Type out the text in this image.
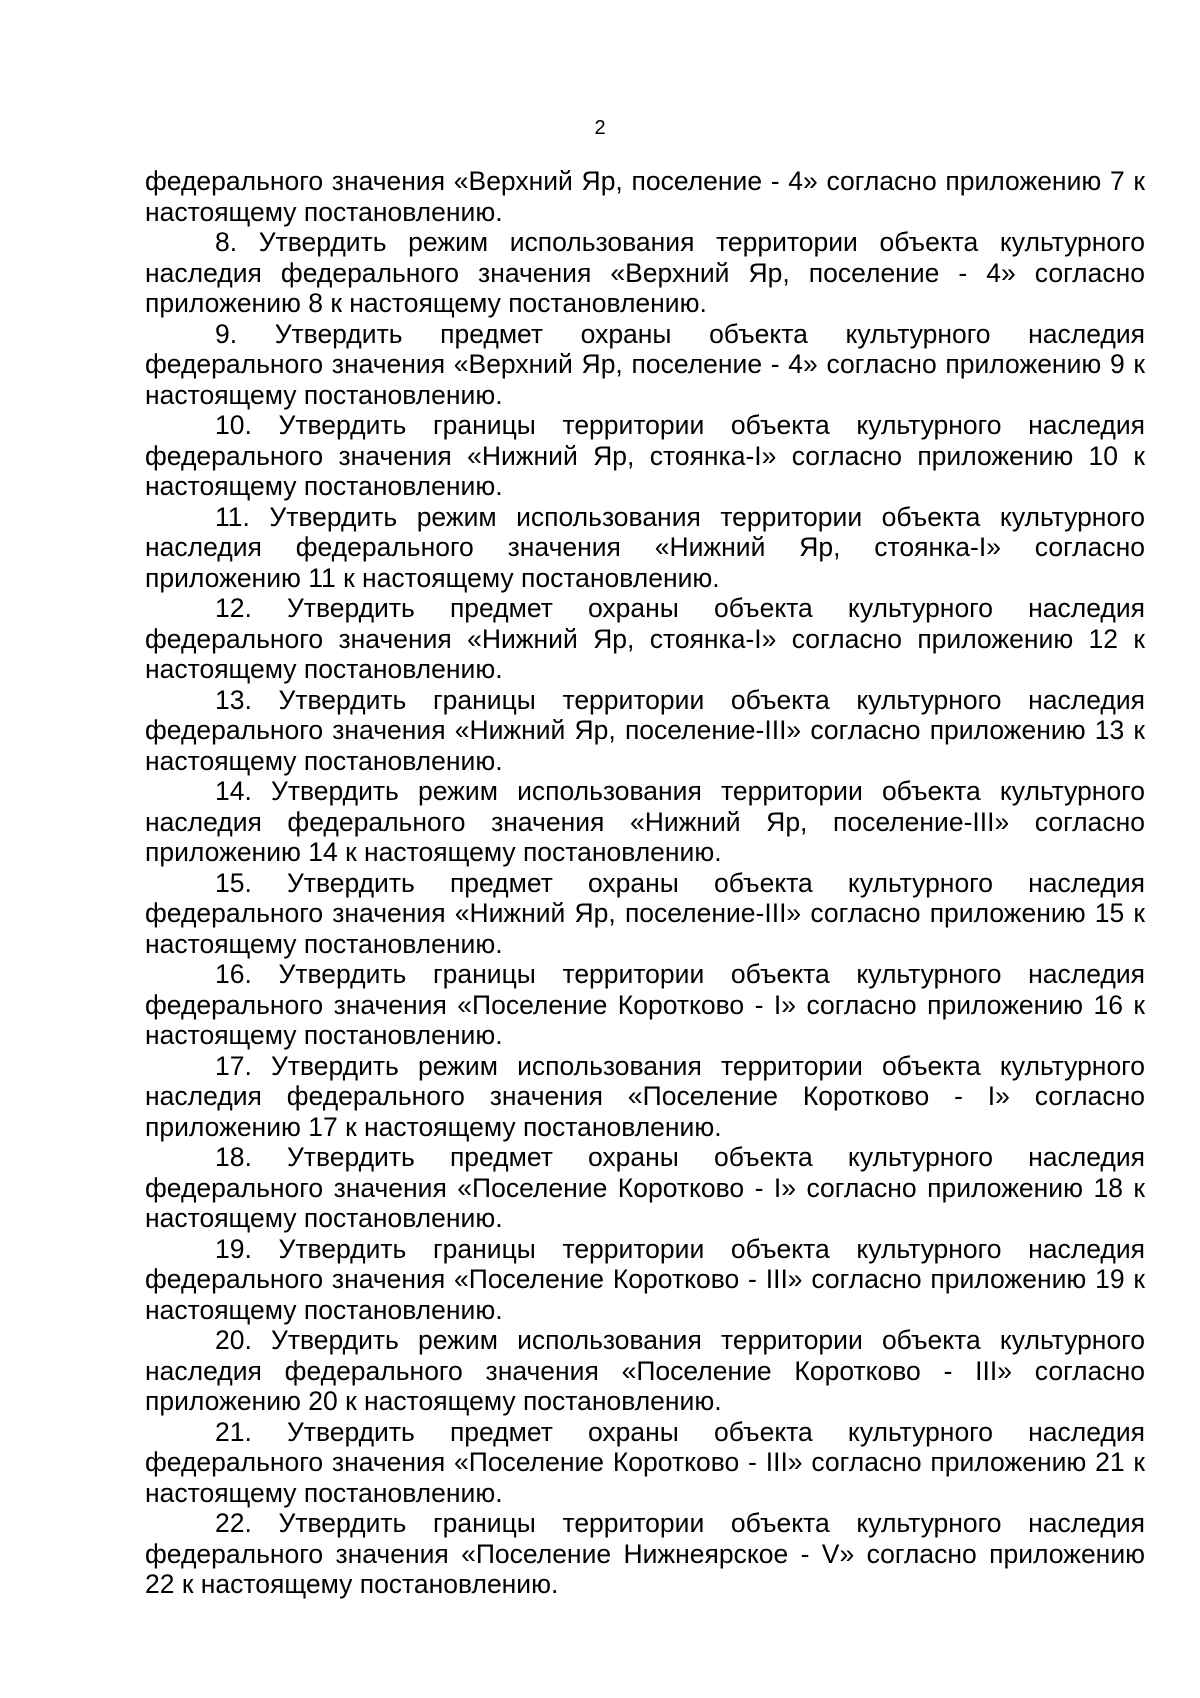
2

федерального значения «Верхний Яр, поселение - 4» согласно приложению 7 к настоящему постановлению.

8. Утвердить режим использования территории объекта культурного наследия федерального значения «Верхний Яр, поселение - 4» согласно приложению 8 к настоящему постановлению.

9. Утвердить предмет охраны объекта культурного наследия федерального значения «Верхний Яр, поселение - 4» согласно приложению 9 к настоящему постановлению.

10. Утвердить границы территории объекта культурного наследия федерального значения «Нижний Яр, стоянка-I» согласно приложению 10 к настоящему постановлению.

11. Утвердить режим использования территории объекта культурного наследия федерального значения «Нижний Яр, стоянка-I» согласно приложению 11 к настоящему постановлению.

12. Утвердить предмет охраны объекта культурного наследия федерального значения «Нижний Яр, стоянка-I» согласно приложению 12 к настоящему постановлению.

13. Утвердить границы территории объекта культурного наследия федерального значения «Нижний Яр, поселение-III» согласно приложению 13 к настоящему постановлению.

14. Утвердить режим использования территории объекта культурного наследия федерального значения «Нижний Яр, поселение-III» согласно приложению 14 к настоящему постановлению.

15. Утвердить предмет охраны объекта культурного наследия федерального значения «Нижний Яр, поселение-III» согласно приложению 15 к настоящему постановлению.

16. Утвердить границы территории объекта культурного наследия федерального значения «Поселение Коротково - I» согласно приложению 16 к настоящему постановлению.

17. Утвердить режим использования территории объекта культурного наследия федерального значения «Поселение Коротково - I» согласно приложению 17 к настоящему постановлению.

18. Утвердить предмет охраны объекта культурного наследия федерального значения «Поселение Коротково - I» согласно приложению 18 к настоящему постановлению.

19. Утвердить границы территории объекта культурного наследия федерального значения «Поселение Коротково - III» согласно приложению 19 к настоящему постановлению.

20. Утвердить режим использования территории объекта культурного наследия федерального значения «Поселение Коротково - III» согласно приложению 20 к настоящему постановлению.

21. Утвердить предмет охраны объекта культурного наследия федерального значения «Поселение Коротково - III» согласно приложению 21 к настоящему постановлению.

22. Утвердить границы территории объекта культурного наследия федерального значения «Поселение Нижнеярское - V» согласно приложению 22 к настоящему постановлению.
